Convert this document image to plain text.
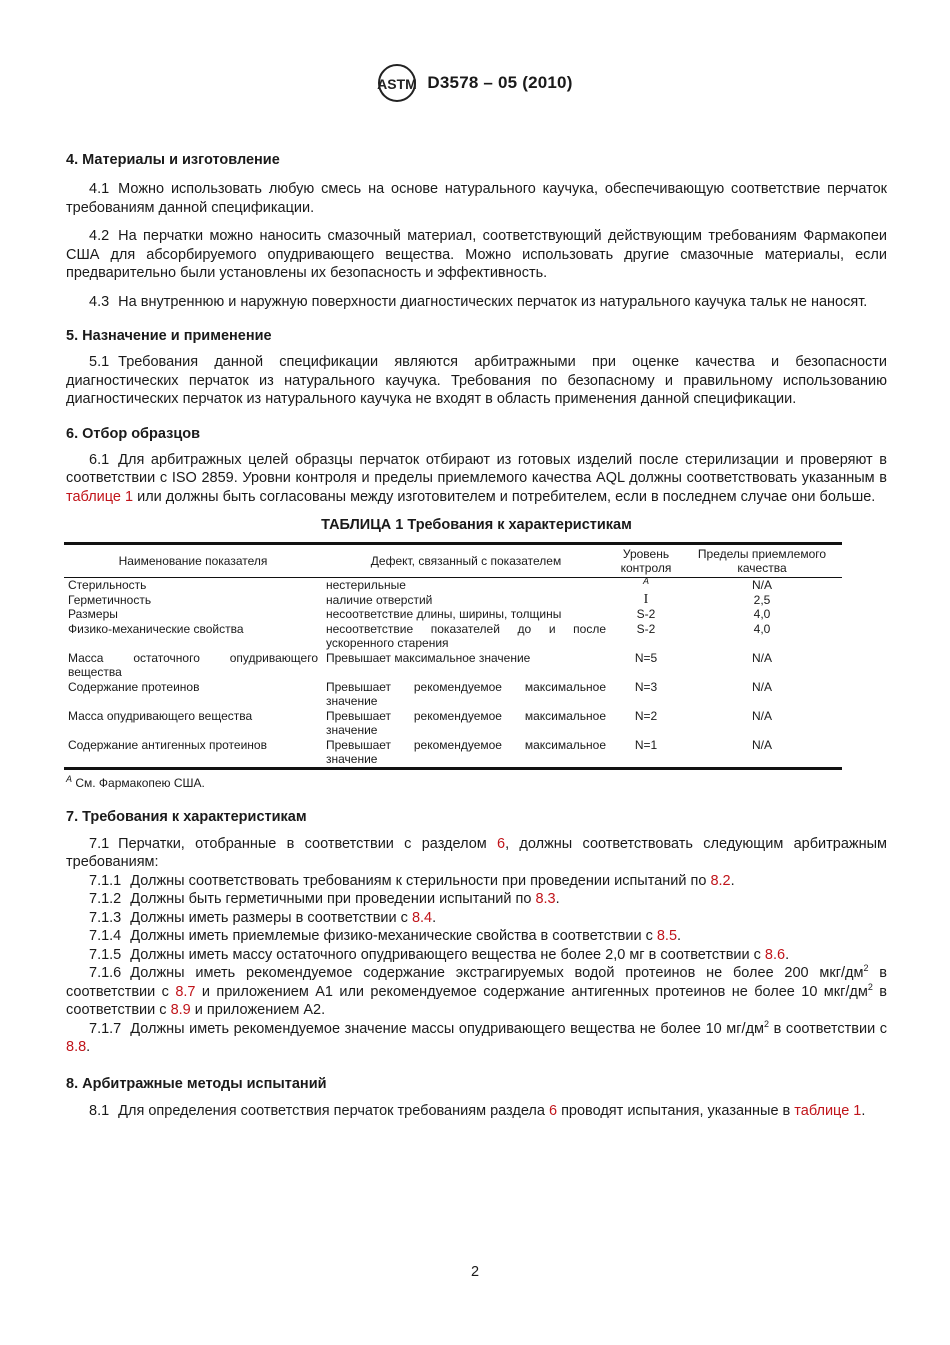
ASTM D3578 – 05 (2010)
4. Материалы и изготовление

4.1 Можно использовать любую смесь на основе натурального каучука, обеспечивающую соответствие перчаток требованиям данной спецификации.

4.2 На перчатки можно наносить смазочный материал, соответствующий действующим требованиям Фармакопеи США для абсорбируемого опудривающего вещества. Можно использовать другие смазочные материалы, если предварительно были установлены их безопасность и эффективность.

4.3 На внутреннюю и наружную поверхности диагностических перчаток из натурального каучука тальк не наносят.

5. Назначение и применение

5.1 Требования данной спецификации являются арбитражными при оценке качества и безопасности диагностических перчаток из натурального каучука. Требования по безопасному и правильному использованию диагностических перчаток из натурального каучука не входят в область применения данной спецификации.

6. Отбор образцов

6.1 Для арбитражных целей образцы перчаток отбирают из готовых изделий после стерилизации и проверяют в соответствии с ISO 2859. Уровни контроля и пределы приемлемого качества AQL должны соответствовать указанным в таблице 1 или должны быть согласованы между изготовителем и потребителем, если в последнем случае они больше.

ТАБЛИЦА 1 Требования к характеристикам
Наименование показателя	Дефект, связанный с показателем	Уровень контроля	Пределы приемлемого качества
Стерильность	нестерильные	$^A$	N/A
Герметичность	наличие отверстий	I	2,5
Размеры	несоответствие длины, ширины, толщины	S-2	4,0
Физико-механические свойства	несоответствие показателей до и после ускоренного старения	S-2	4,0
Масса остаточного опудривающего вещества	Превышает максимальное значение	N=5	N/A
Содержание протеинов	Превышает рекомендуемое максимальное значение	N=3	N/A
Масса опудривающего вещества	Превышает рекомендуемое максимальное значение	N=2	N/A
Содержание антигенных протеинов	Превышает рекомендуемое максимальное значение	N=1	N/A
$^A$ См. Фармакопею США.
7. Требования к характеристикам

7.1 Перчатки, отобранные в соответствии с разделом 6, должны соответствовать следующим арбитражным требованиям:

7.1.1 Должны соответствовать требованиям к стерильности при проведении испытаний по 8.2.

7.1.2 Должны быть герметичными при проведении испытаний по 8.3.

7.1.3 Должны иметь размеры в соответствии с 8.4.

7.1.4 Должны иметь приемлемые физико-механические свойства в соответствии с 8.5.

7.1.5 Должны иметь массу остаточного опудривающего вещества не более 2,0 мг в соответствии с 8.6.

7.1.6 Должны иметь рекомендуемое содержание экстрагируемых водой протеинов не более 200 мкг/$дм^2$ в соответствии с 8.7 и приложением A1 или рекомендуемое содержание антигенных протеинов не более 10 мкг/$дм^2$ в соответствии с 8.9 и приложением A2.

7.1.7 Должны иметь рекомендуемое значение массы опудривающего вещества не более 10 $мг/дм^2$ в соответствии с 8.8.

8. Арбитражные методы испытаний

8.1 Для определения соответствия перчаток требованиям раздела 6 проводят испытания, указанные в таблице 1.

2
